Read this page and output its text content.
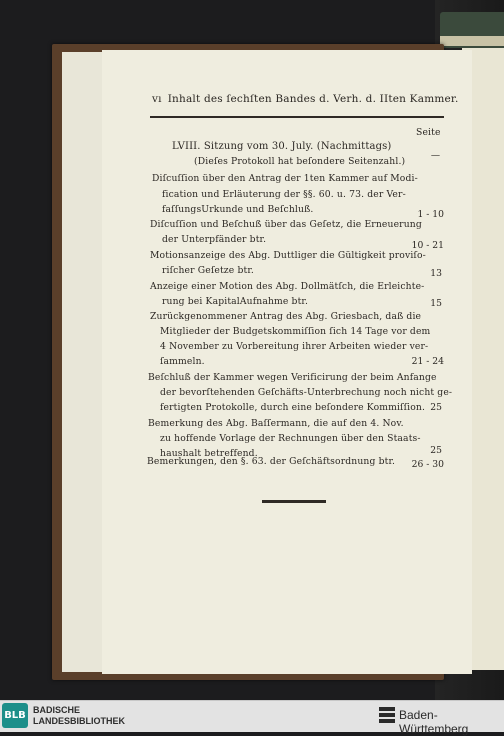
vı Inhalt des ſechſten Bandes d. Verh. d. IIten Kammer.
Seite
LVIII. Sitzung vom 30. July. (Nachmittags)
(Dieſes Protokoll hat beſondere Seitenzahl.)
—
Diſcuſſion über den Antrag der 1ten Kammer auf Modi-
fication und Erläuterung der §§. 60. u. 73. der Ver-
faſſungsUrkunde und Beſchluß.	1 - 10
Diſcuſſion und Beſchuß über das Geſetz, die Erneuerung
der Unterpfänder btr.
10 - 21
Motionsanzeige des Abg. Duttliger die Gültigkeit proviſo-
riſcher Geſetze btr.	13
Anzeige einer Motion des Abg. Dollmätſch, die Erleichte-
rung bei KapitalAufnahme btr.	15
Zurückgenommener Antrag des Abg. Griesbach, daß die
Mitglieder der Budgetskommiſſion ſich 14 Tage vor dem
4 November zu Vorbereitung ihrer Arbeiten wieder ver-
ſammeln.	21 - 24
Beſchluß der Kammer wegen Verificirung der beim Anfange
der bevorſtehenden Geſchäfts-Unterbrechung noch nicht ge-
fertigten Protokolle, durch eine beſondere Kommiſſion. 25
Bemerkung des Abg. Baſſermann, die auf den 4. Nov.
zu hoffende Vorlage der Rechnungen über den Staats-
haushalt betreffend.	25
Bemerkungen, den §. 63. der Geſchäftsordnung btr.	26 - 30
BLB BADISCHE
LANDESBIBLIOTHEK	Baden-Württemberg
